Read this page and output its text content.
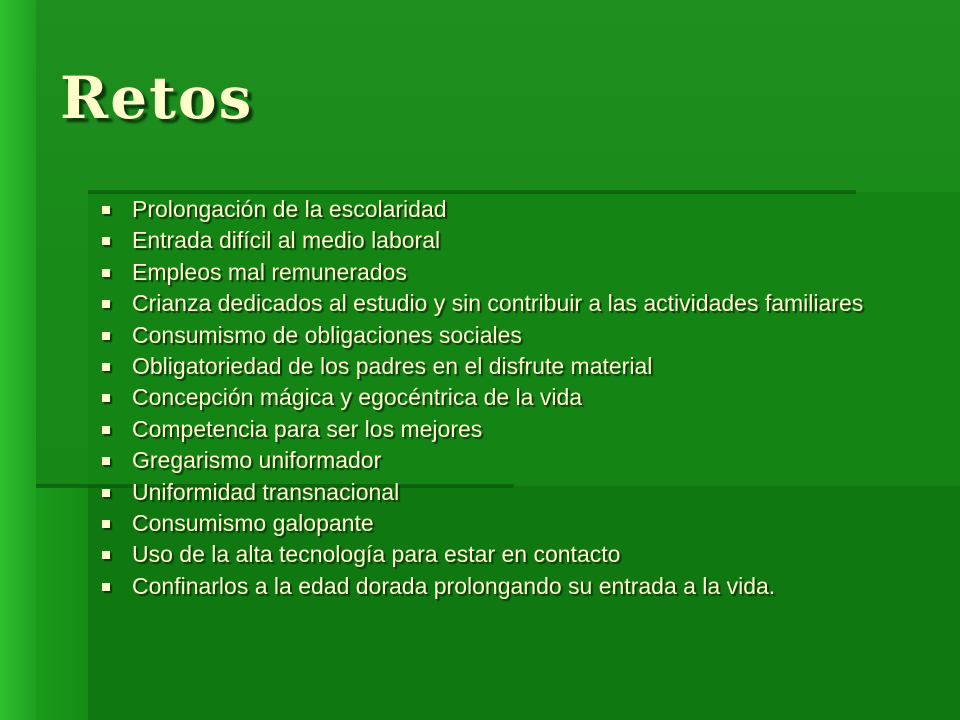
Retos
Prolongación de la escolaridad
Entrada difícil al medio laboral
Empleos mal remunerados
Crianza dedicados al estudio y sin contribuir a las actividades familiares
Consumismo de obligaciones sociales
Obligatoriedad de los padres en el disfrute material
Concepción mágica y egocéntrica de la vida
Competencia para ser los mejores
Gregarismo uniformador
Uniformidad transnacional
Consumismo galopante
Uso de la alta tecnología para estar en contacto
Confinarlos a la edad dorada prolongando su entrada a la vida.
